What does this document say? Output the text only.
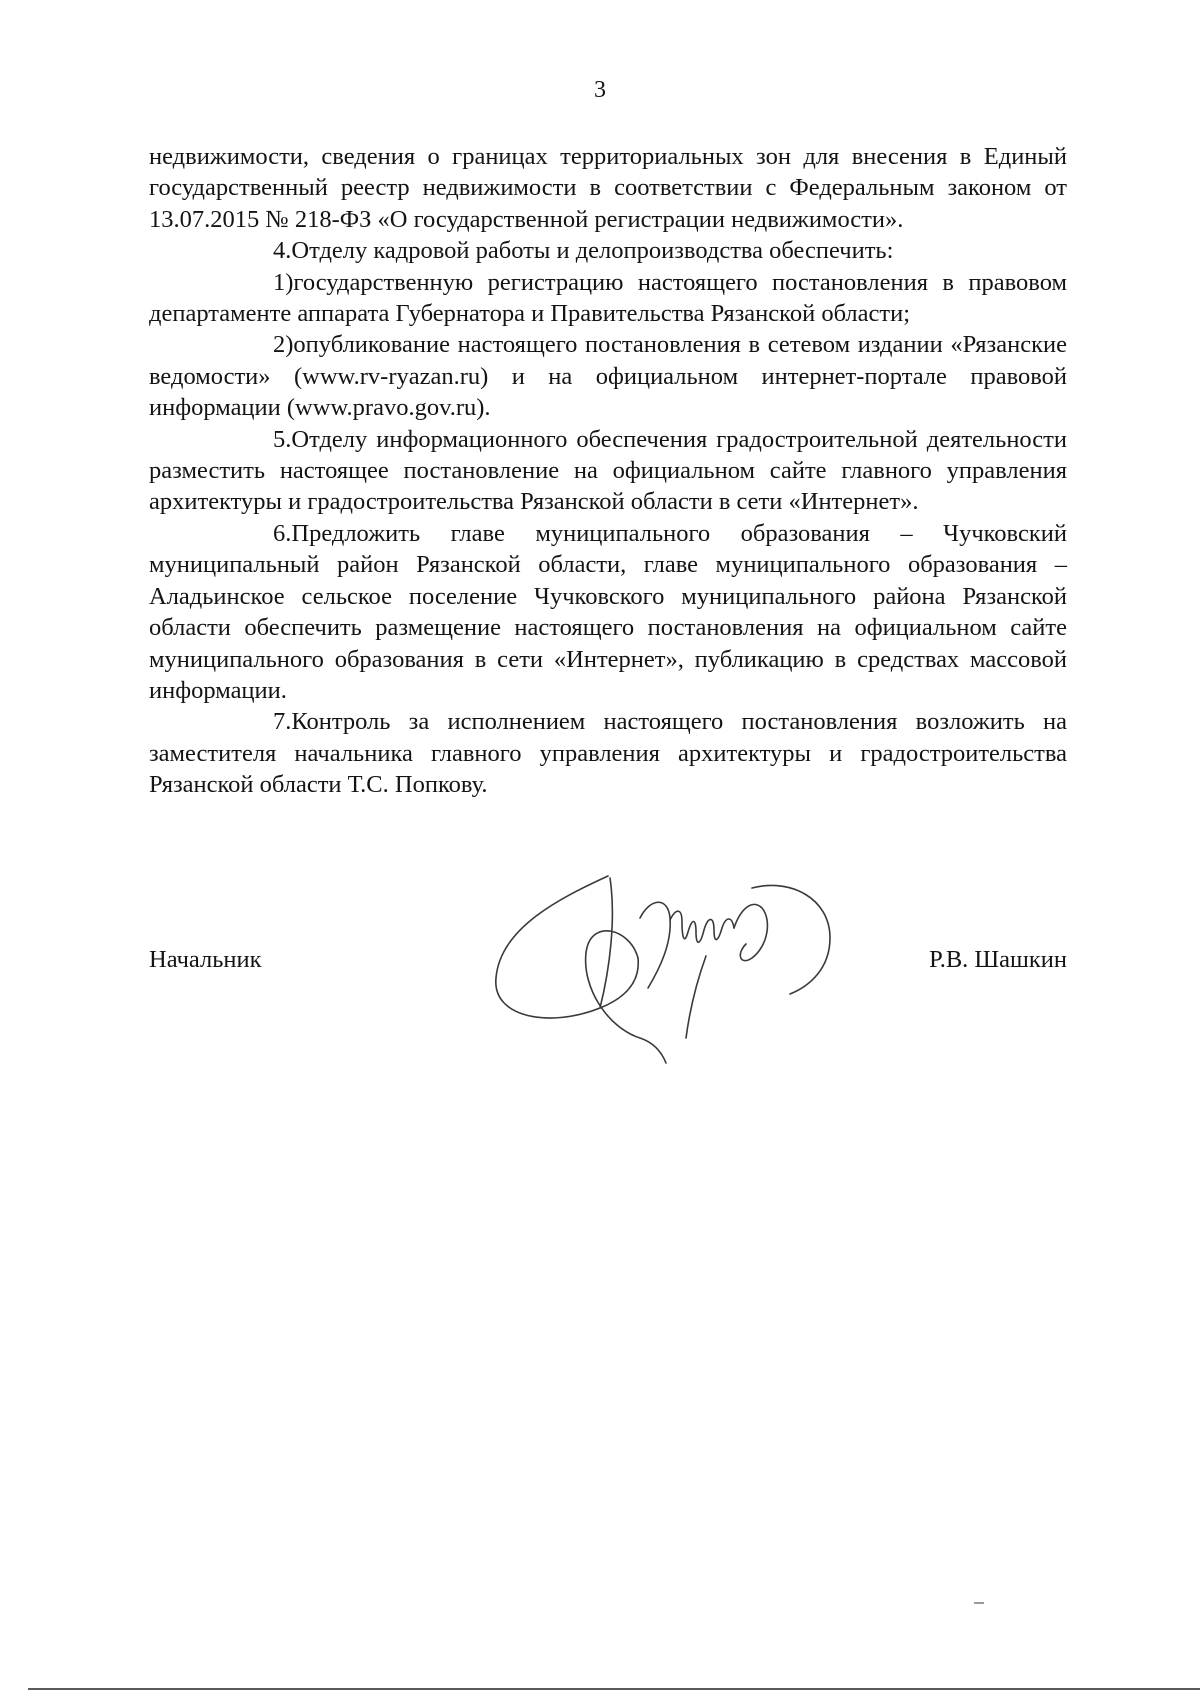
3

недвижимости, сведения о границах территориальных зон для внесения в Единый государственный реестр недвижимости в соответствии с Федеральным законом от 13.07.2015 № 218-ФЗ «О государственной регистрации недвижимости».

4.Отделу кадровой работы и делопроизводства обеспечить:

1)государственную регистрацию настоящего постановления в правовом департаменте аппарата Губернатора и Правительства Рязанской области;

2)опубликование настоящего постановления в сетевом издании «Рязанские ведомости» (www.rv-ryazan.ru) и на официальном интернет-портале правовой информации (www.pravo.gov.ru).

5.Отделу информационного обеспечения градостроительной деятельности разместить настоящее постановление на официальном сайте главного управления архитектуры и градостроительства Рязанской области в сети «Интернет».

6.Предложить главе муниципального образования – Чучковский муниципальный район Рязанской области, главе муниципального образования – Аладьинское сельское поселение Чучковского муниципального района Рязанской области обеспечить размещение настоящего постановления на официальном сайте муниципального образования в сети «Интернет», публикацию в средствах массовой информации.

7.Контроль за исполнением настоящего постановления возложить на заместителя начальника главного управления архитектуры и градостроительства Рязанской области Т.С. Попкову.

Начальник	Р.В. Шашкин
